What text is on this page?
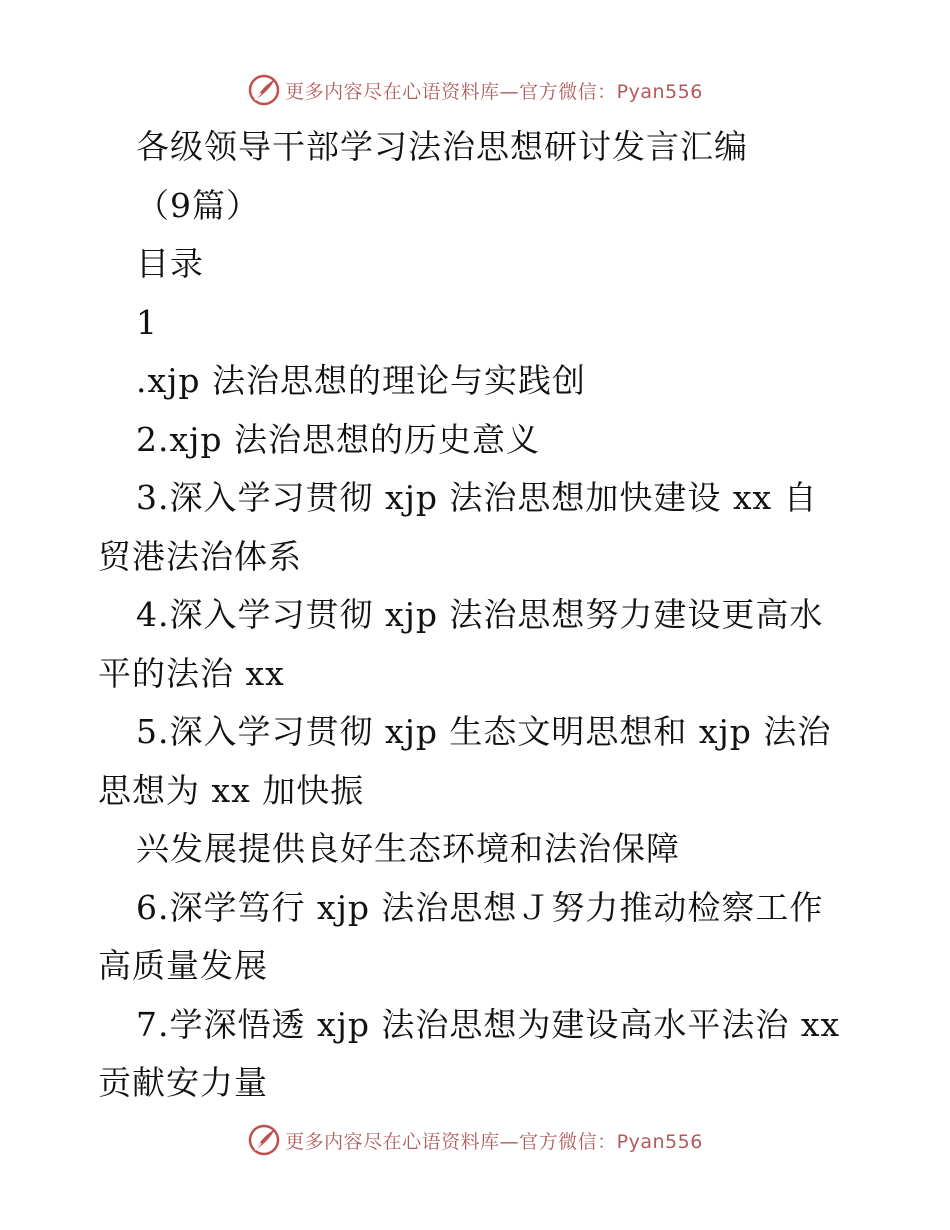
更多内容尽在心语资料库—官方微信：Pyan556
各级领导干部学习法治思想研讨发言汇编
（9篇）
目录
1
.xjp 法治思想的理论与实践创
2.xjp 法治思想的历史意义
3.深入学习贯彻 xjp 法治思想加快建设 xx 自
贸港法治体系
4.深入学习贯彻 xjp 法治思想努力建设更高水
平的法治 xx
5.深入学习贯彻 xjp 生态文明思想和 xjp 法治
思想为 xx 加快振
兴发展提供良好生态环境和法治保障
6.深学笃行 xjp 法治思想Ｊ努力推动检察工作
高质量发展
7.学深悟透 xjp 法治思想为建设高水平法治 xx
贡献安力量
更多内容尽在心语资料库—官方微信：Pyan556
